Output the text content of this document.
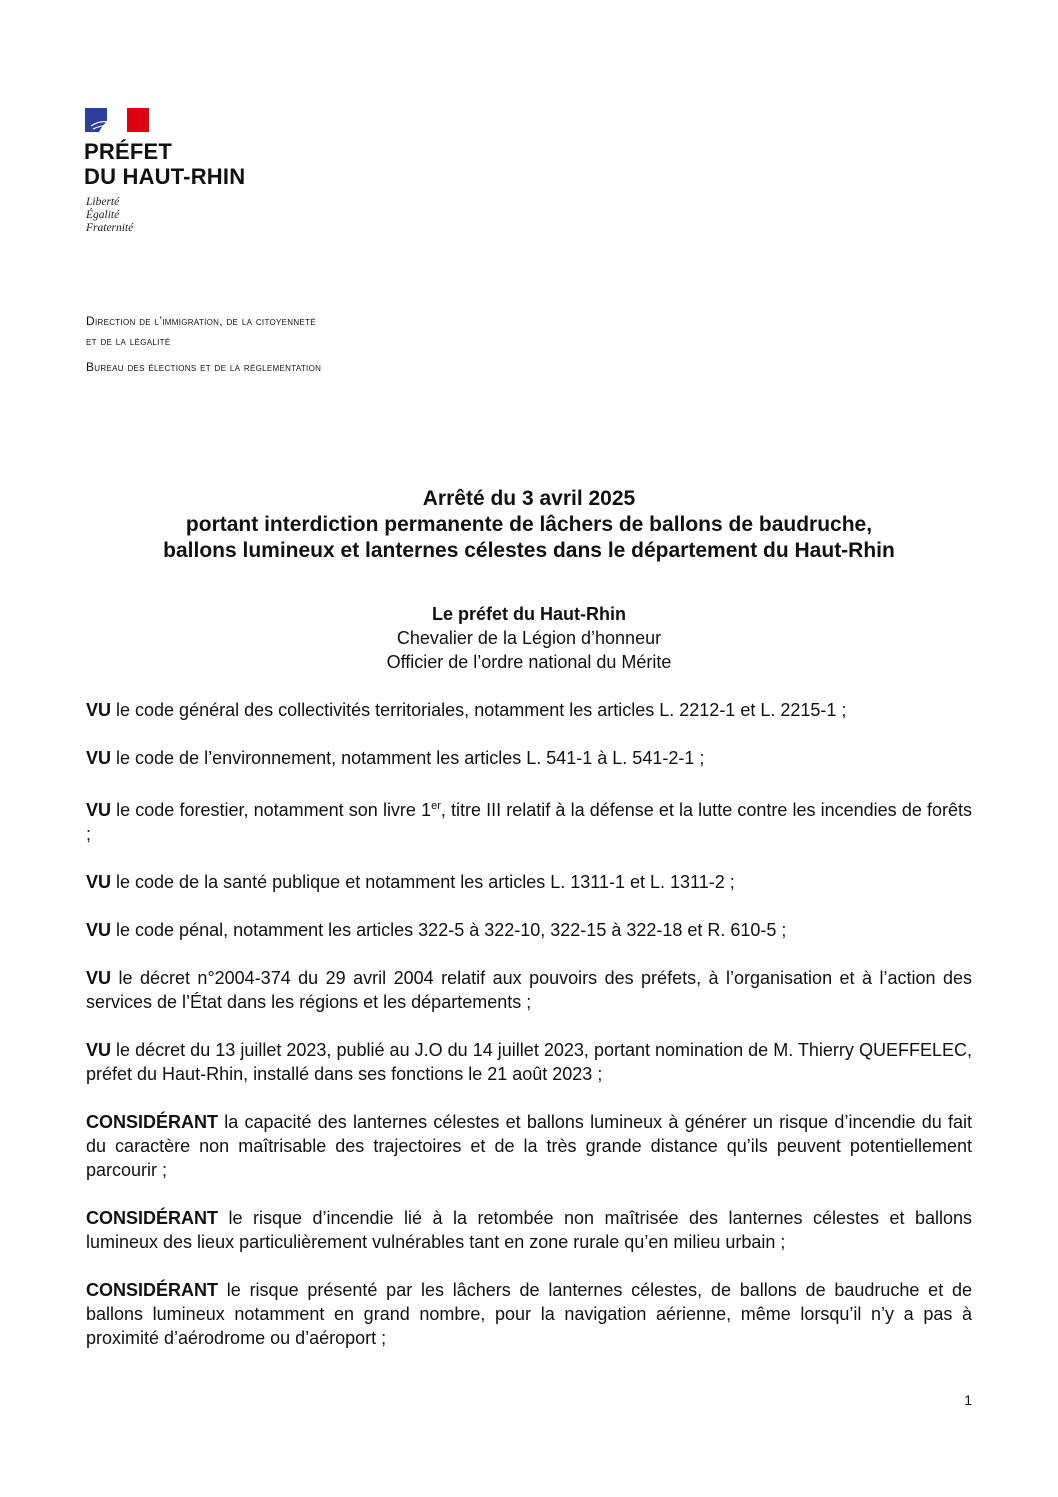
PRÉFET
DU HAUT-RHIN
Liberté
Égalité
Fraternité
Direction de l’immigration, de la citoyenneté
et de la légalité
Bureau des élections et de la réglementation
Arrêté du 3 avril 2025
portant interdiction permanente de lâchers de ballons de baudruche,
ballons lumineux et lanternes célestes dans le département du Haut-Rhin
Le préfet du Haut-Rhin
Chevalier de la Légion d’honneur
Officier de l’ordre national du Mérite

VU le code général des collectivités territoriales, notamment les articles L. 2212-1 et L. 2215-1 ;

VU le code de l’environnement, notamment les articles L. 541-1 à L. 541-2-1 ;

VU le code forestier, notamment son livre 1er, titre III relatif à la défense et la lutte contre les incendies de forêts ;

VU le code de la santé publique et notamment les articles L. 1311-1 et L. 1311-2 ;

VU le code pénal, notamment les articles 322-5 à 322-10, 322-15 à 322-18 et R. 610-5 ;

VU le décret n°2004-374 du 29 avril 2004 relatif aux pouvoirs des préfets, à l’organisation et à l’action des services de l’État dans les régions et les départements ;

VU le décret du 13 juillet 2023, publié au J.O du 14 juillet 2023, portant nomination de M. Thierry QUEFFELEC, préfet du Haut-Rhin, installé dans ses fonctions le 21 août 2023 ;

CONSIDÉRANT la capacité des lanternes célestes et ballons lumineux à générer un risque d’incendie du fait du caractère non maîtrisable des trajectoires et de la très grande distance qu’ils peuvent potentiellement parcourir ;

CONSIDÉRANT le risque d’incendie lié à la retombée non maîtrisée des lanternes célestes et ballons lumineux des lieux particulièrement vulnérables tant en zone rurale qu’en milieu urbain ;

CONSIDÉRANT le risque présenté par les lâchers de lanternes célestes, de ballons de baudruche et de ballons lumineux notamment en grand nombre, pour la navigation aérienne, même lorsqu’il n’y a pas à proximité d’aérodrome ou d’aéroport ;

1
